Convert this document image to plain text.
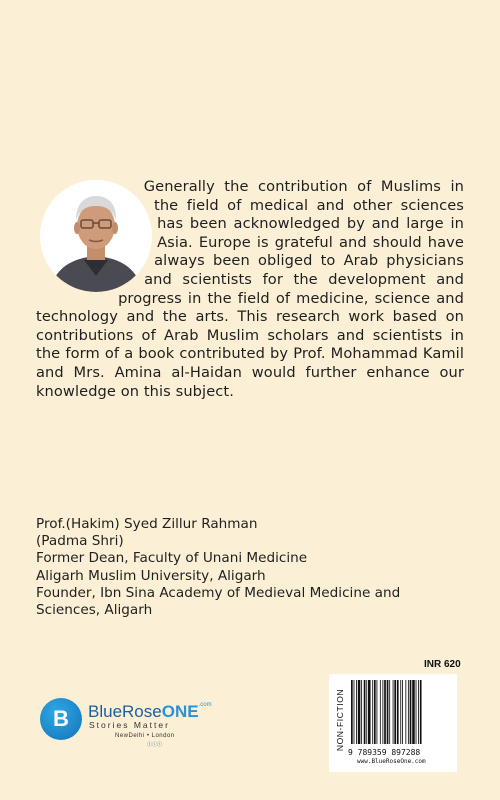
Generally the contribution of Muslims in the field of medical and other sciences has been acknowledged by and large in Asia. Europe is grateful and should have always been obliged to Arab physicians and scientists for the development and progress in the field of medicine, science and technology and the arts. This research work based on contributions of Arab Muslim scholars and scientists in the form of a book contributed by Prof. Mohammad Kamil and Mrs. Amina al-Haidan would further enhance our knowledge on this subject.

Prof.(Hakim) Syed Zillur Rahman
(Padma Shri)
Former Dean, Faculty of Unani Medicine
Aligarh Muslim University, Aligarh
Founder, Ibn Sina Academy of Medieval Medicine and
Sciences, Aligarh
B	BlueRoseONE$^{.com}$
Stories Matter
NewDelhi • London
ⓕⓘⓣ
INR 620
NON-FICTION
9 789359 897288
www.BlueRoseOne.com
